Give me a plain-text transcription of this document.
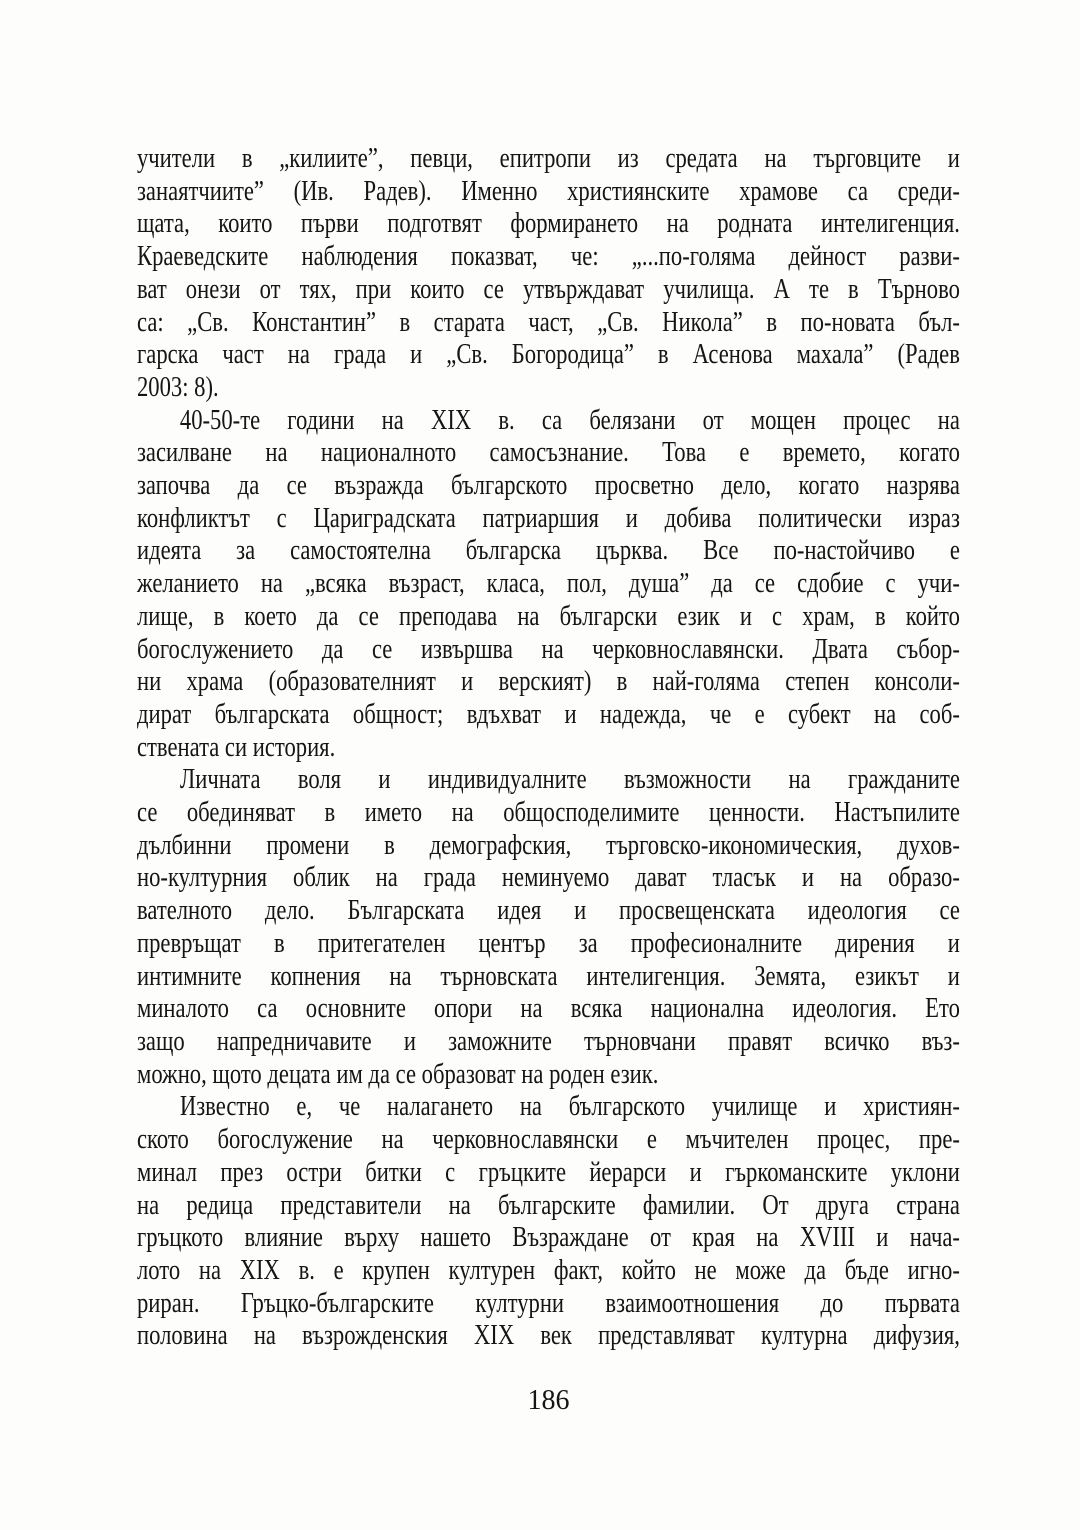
учители в „килиите”, певци, епитропи из средата на търговците и
занаятчиите” (Ив. Радев). Именно християнските храмове са среди-
щата, които първи подготвят формирането на родната интелигенция.
Краеведските наблюдения показват, че: „...по-голяма дейност разви-
ват онези от тях, при които се утвърждават училища. А те в Търново
са: „Св. Константин” в старата част, „Св. Никола” в по-новата бъл-
гарска част на града и „Св. Богородица” в Асенова махала” (Радев
2003: 8).
40-50-те години на XIX в. са белязани от мощен процес на
засилване на националното самосъзнание. Това е времето, когато
започва да се възражда българското просветно дело, когато назрява
конфликтът с Цариградската патриаршия и добива политически израз
идеята за самостоятелна българска църква. Все по-настойчиво е
желанието на „всяка възраст, класа, пол, душа” да се сдобие с учи-
лище, в което да се преподава на български език и с храм, в който
богослужението да се извършва на черковнославянски. Двата събор-
ни храма (образователният и верският) в най-голяма степен консоли-
дират българската общност; вдъхват и надежда, че е субект на соб-
ствената си история.
Личната воля и индивидуалните възможности на гражданите
се обединяват в името на общосподелимите ценности. Настъпилите
дълбинни промени в демографския, търговско-икономическия, духов-
но-културния облик на града неминуемо дават тласък и на образо-
вателното дело. Българската идея и просвещенската идеология се
превръщат в притегателен център за професионалните дирения и
интимните копнения на търновската интелигенция. Земята, езикът и
миналото са основните опори на всяка национална идеология. Ето
защо напредничавите и заможните търновчани правят всичко въз-
можно, щото децата им да се образоват на роден език.
Известно е, че налагането на българското училище и християн-
ското богослужение на черковнославянски е мъчителен процес, пре-
минал през остри битки с гръцките йерарси и гъркоманските уклони
на редица представители на българските фамилии. От друга страна
гръцкото влияние върху нашето Възраждане от края на XVIII и нача-
лото на XIX в. е крупен културен факт, който не може да бъде игно-
риран. Гръцко-българските културни взаимоотношения до първата
половина на възрожденския XIX век представляват културна дифузия,
186
